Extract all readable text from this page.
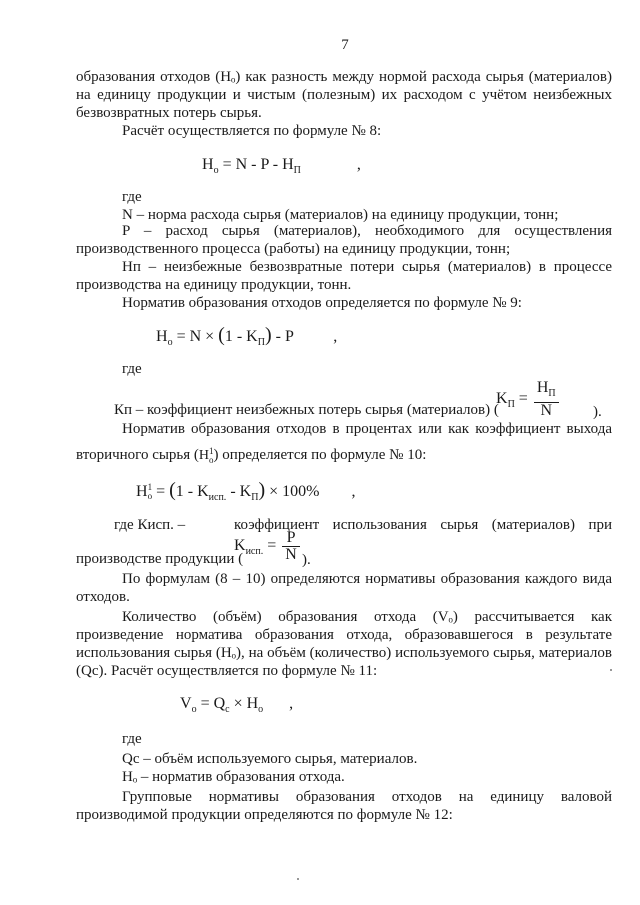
7
образования отходов (Hₒ) как разность между нормой расхода сырья (материалов)
на единицу продукции и чистым (полезным) их расходом с учётом неизбежных
безвозвратных потерь сырья.
Расчёт осуществляется по формуле № 8:
$H_o = N - P - H_П$	,
где
N – норма расхода сырья (материалов) на единицу продукции, тонн;
P – расход сырья (материалов), необходимого для осуществления
производственного процесса (работы) на единицу продукции, тонн;
Hп – неизбежные безвозвратные потери сырья (материалов) в процессе
производства на единицу продукции, тонн.
Норматив образования отходов определяется по формуле № 9:
$H_o = N \times (1 - K_П) - P$	,
где
$K_П = \frac{H_П}{N}$
Кп – коэффициент неизбежных потерь сырья (материалов) (	).
Норматив образования отходов в процентах или как коэффициент выхода
вторичного сырья (H 1
o ) определяется по формуле № 10:
H 1
$o = (1 - K_{исп.} - K_П) \times 100\%$ ,
где Кисп. –	коэффициент использования сырья (материалов) при
$K_{исп.} = \frac{P}{N}$
производстве продукции (	).
По формулам (8 – 10) определяются нормативы образования каждого вида
отходов.
Количество (объём) образования отхода (Vₒ) рассчитывается как
произведение норматива образования отхода, образовавшегося в результате
использования сырья (Hₒ), на объём (количество) используемого сырья, материалов
(Qc). Расчёт осуществляется по формуле № 11:
$V_o = Q_c \times H_o$ ,
где
Qc – объём используемого сырья, материалов.
Hₒ – норматив образования отхода.
Групповые нормативы образования отходов на единицу валовой
производимой продукции определяются по формуле № 12:
